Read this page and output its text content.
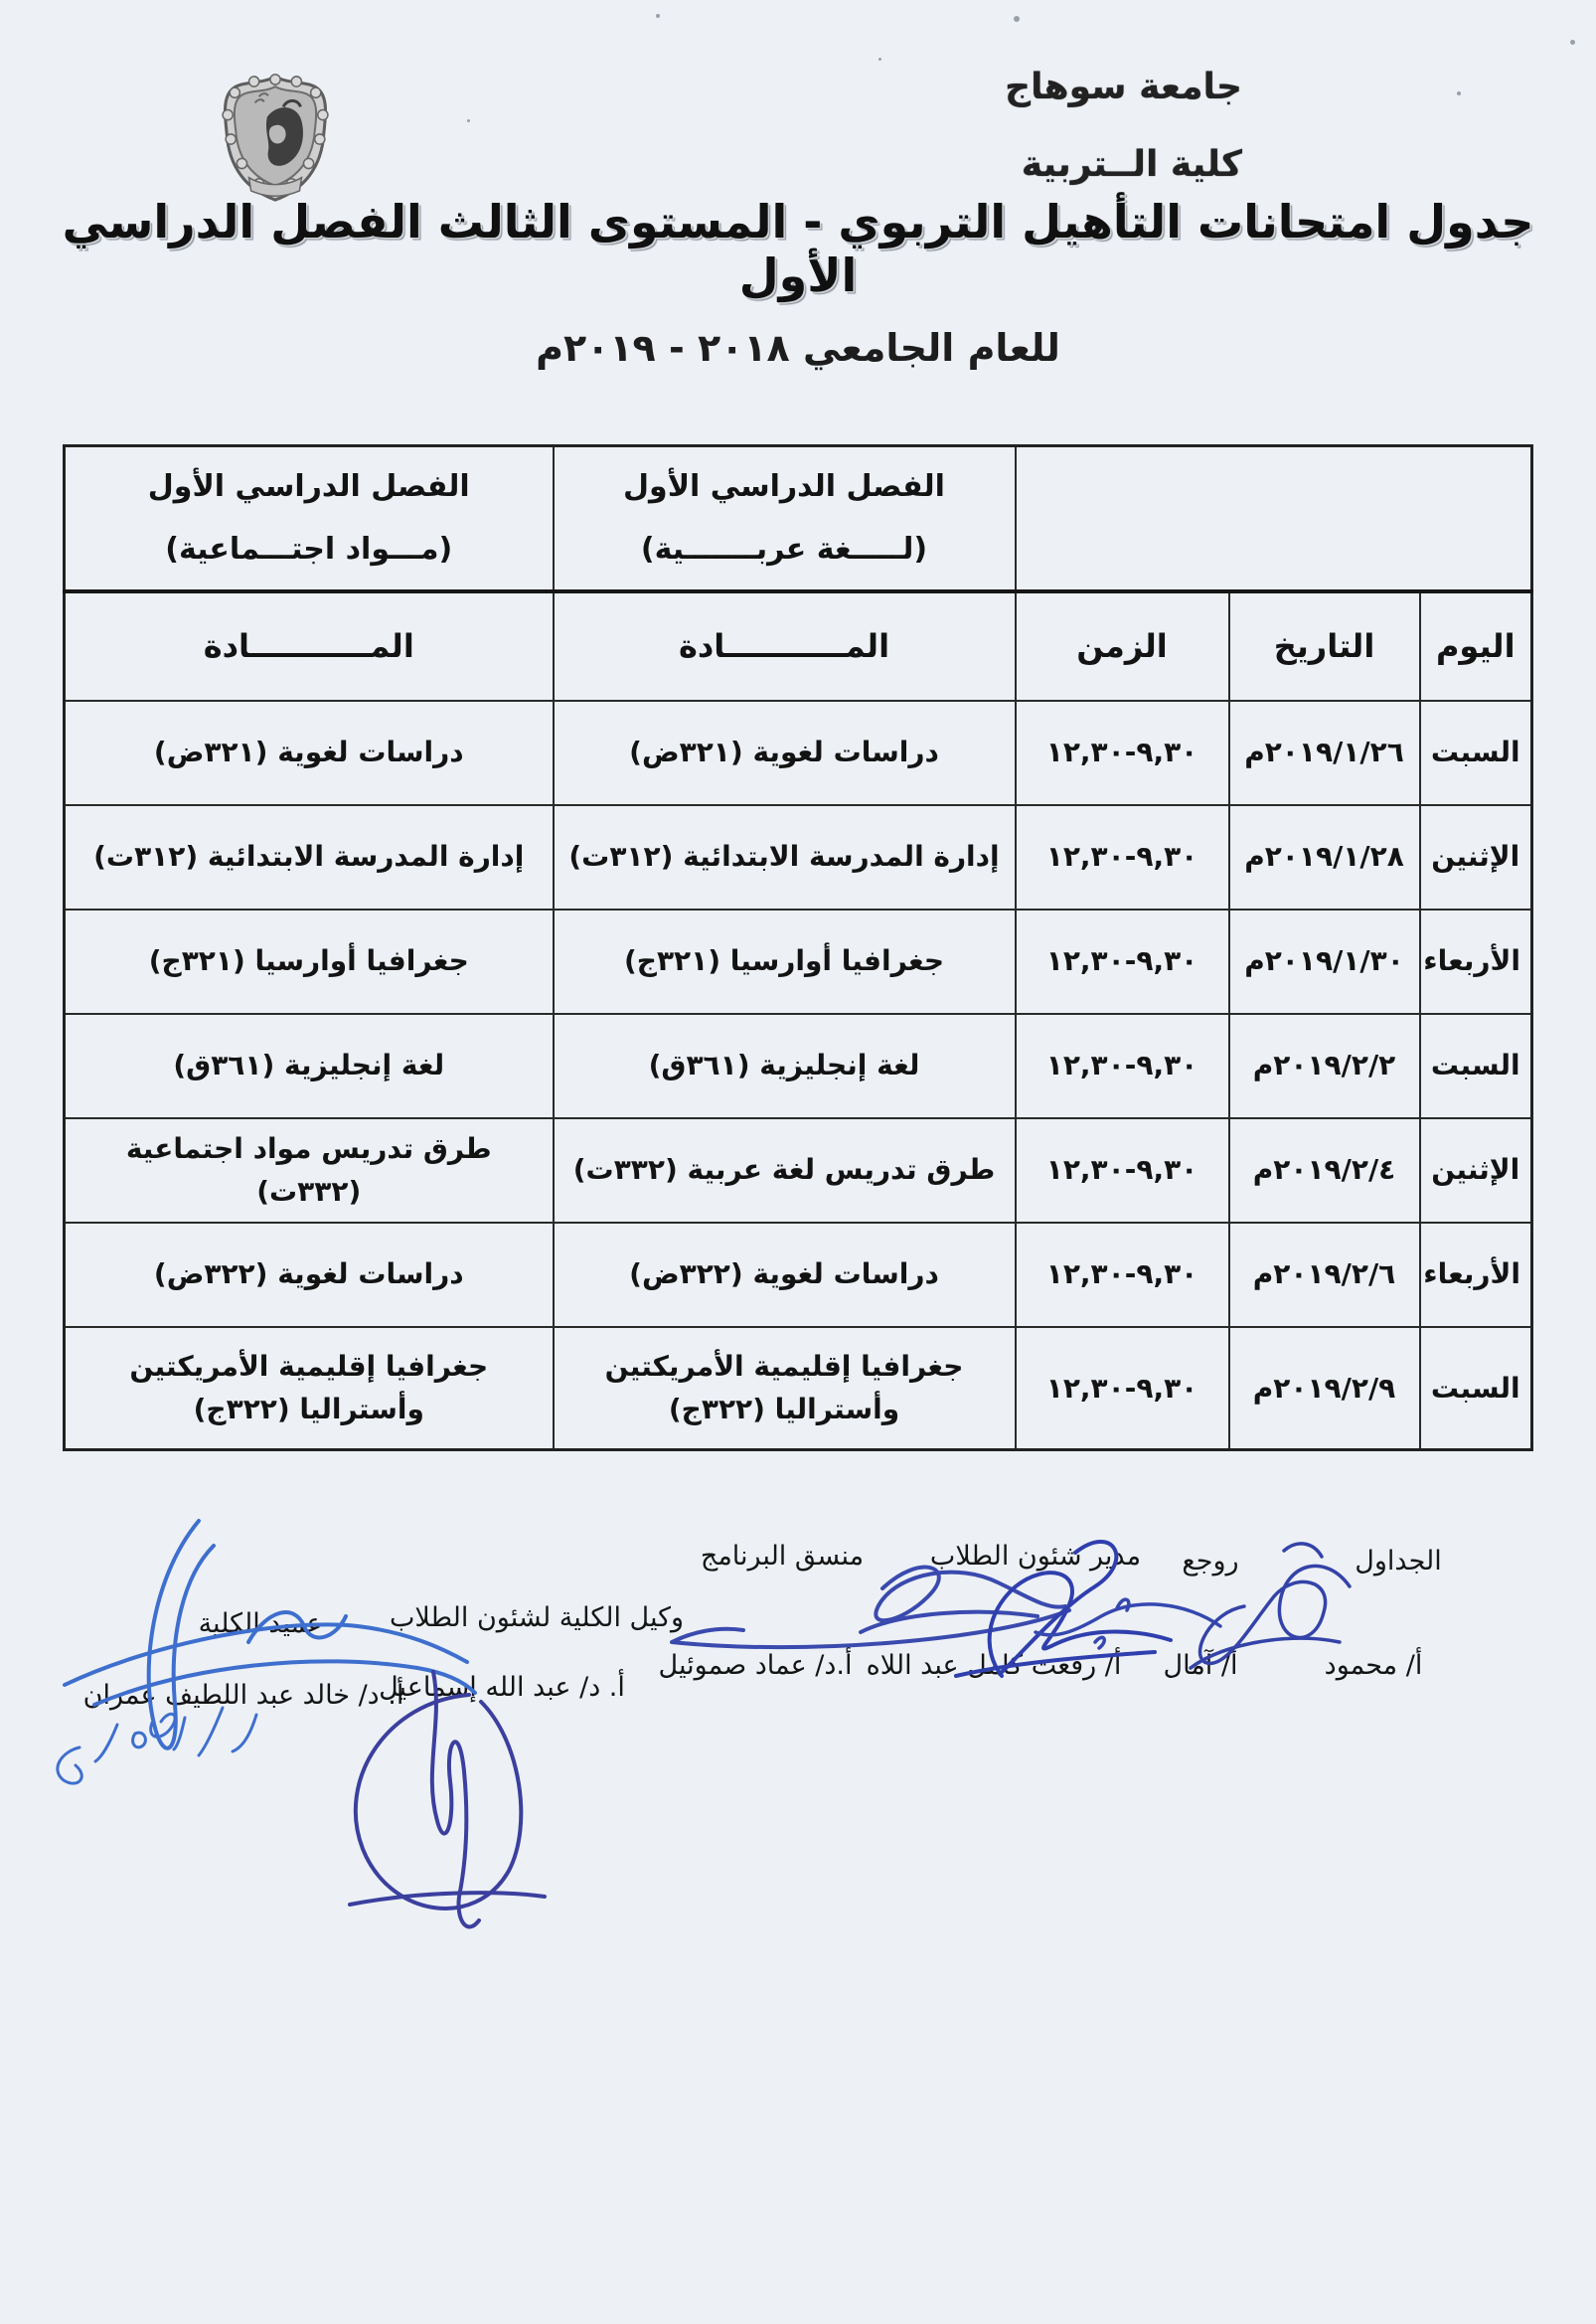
جامعة سوهاج
كلية الــتربية
جدول امتحانات التأهيل التربوي - المستوى الثالث الفصل الدراسي الأول
للعام الجامعي ٢٠١٨ - ٢٠١٩م

الفصل الدراسي الأول
(لـــــغة عربـــــــية)

الفصل الدراسي الأول
(مـــواد اجتـــماعية)

اليوم	التاريخ	الزمن	المـــــــــــادة	المـــــــــــادة
السبت	٢٠١٩/١/٢٦م	٩,٣٠-١٢,٣٠	دراسات لغوية (٣٢١ض)	دراسات لغوية (٣٢١ض)
الإثنين	٢٠١٩/١/٢٨م	٩,٣٠-١٢,٣٠	إدارة المدرسة الابتدائية (٣١٢ت)	إدارة المدرسة الابتدائية (٣١٢ت)
الأربعاء	٢٠١٩/١/٣٠م	٩,٣٠-١٢,٣٠	جغرافيا أوارسيا (٣٢١ج)	جغرافيا أوارسيا (٣٢١ج)
السبت	٢٠١٩/٢/٢م	٩,٣٠-١٢,٣٠	لغة إنجليزية (٣٦١ق)	لغة إنجليزية (٣٦١ق)
الإثنين	٢٠١٩/٢/٤م	٩,٣٠-١٢,٣٠	طرق تدريس لغة عربية (٣٣٢ت)	طرق تدريس مواد اجتماعية (٣٣٢ت)
الأربعاء	٢٠١٩/٢/٦م	٩,٣٠-١٢,٣٠	دراسات لغوية (٣٢٢ض)	دراسات لغوية (٣٢٢ض)
السبت	٢٠١٩/٢/٩م	٩,٣٠-١٢,٣٠	جغرافيا إقليمية الأمريكتين وأستراليا (٣٢٢ج)	جغرافيا إقليمية الأمريكتين وأستراليا (٣٢٢ج)
الجداول
روجع
مدير شئون الطلاب
منسق البرنامج
وكيل الكلية لشئون الطلاب
عميد الكلية
أ/ محمود
أ/ آمال
أ/ رفعت كامل عبد اللاه
أ.د/ عماد صموئيل
أ. د/ عبد الله إسماعيل
أ. د/ خالد عبد اللطيف عمران
